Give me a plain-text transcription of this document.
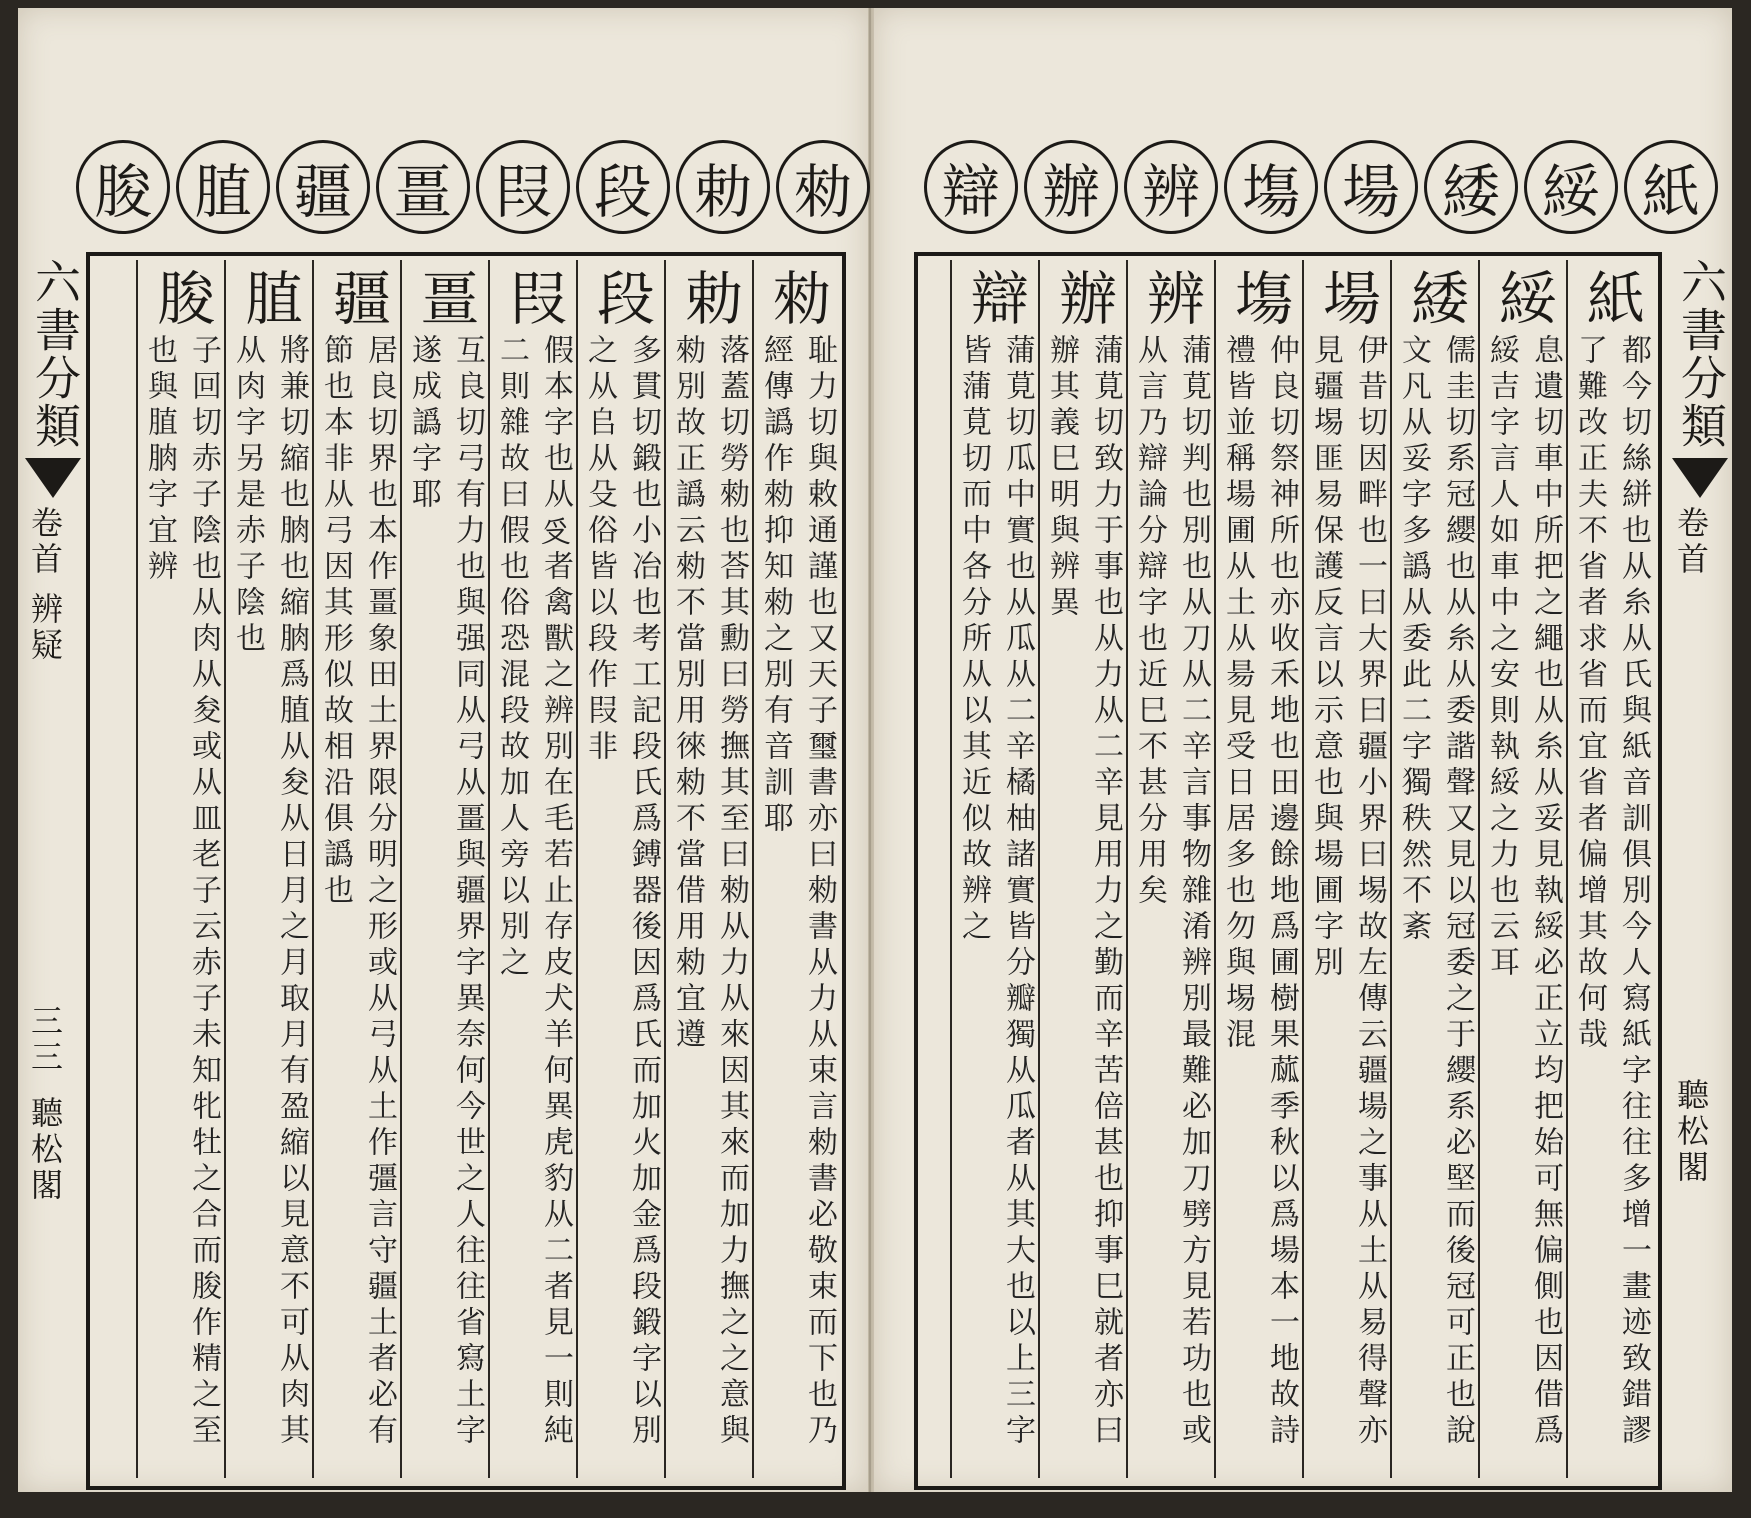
朘 䐈 疆 畺 叚 段 勅 勑
六書分類
卷首
辨疑
三三
聽松閣
勑
耻力切與敕通謹也又天子璽書亦曰勑書从力从束言勑書必敬束而下也乃經傳譌作勑抑知勑之別有音訓耶
勅
落蓋切勞勑也荅其勳曰勞撫其至曰勑从力从來因其來而加力撫之之意與勑別故正譌云勑不當別用徠勑不當借用勑宜遵
段
多貫切鍛也小冶也考工記段氏爲鎛器後因爲氏而加火加金爲段鍛字以別之从𠂤从殳俗皆以段作叚非
叚
假本字也从𠬪者禽獸之辨別在毛若止存皮犬羊何異虎豹从二者見一則純二則雜故曰假也俗恐混段故加人旁以別之
畺
互良切弓有力也與强同从弓从畺與疆界字異奈何今世之人往往省寫土字遂成譌字耶
疆
居良切界也本作畺象田土界限分明之形或从弓从土作彊言守疆土者必有節也本非从弓因其形似故相沿俱譌也
䐈
將兼切縮也朒也縮朒爲䐈从夋从日月之月取月有盈縮以見意不可从肉其从肉字另是赤子陰也
朘
子回切赤子陰也从肉从夋或从皿老子云赤子未知牝牡之合而朘作精之至也與䐈朒字宜辨
辯 辦 辨 塲 場 緌 綏 紙
紙
都今切絲絣也从糸从氏與紙音訓俱別今人寫紙字往往多增一畫迹致錯謬了難改正夫不省者求省而宜省者偏增其故何哉
綏
息遺切車中所把之繩也从糸从妥見執綏必正立均把始可無偏側也因借爲綏吉字言人如車中之安則執綏之力也云耳
緌
儒圭切系冠纓也从糸从委諧聲又見以冠委之于纓系必堅而後冠可正也說文凡从妥字多譌从委此二字獨秩然不紊
場
伊昔切因畔也一曰大界曰疆小界曰埸故左傳云疆場之事从土从易得聲亦見疆埸匪易保護反言以示意也與場圃字別
塲
仲良切祭神所也亦收禾地也田邊餘地爲圃樹果蓏季秋以爲場本一地故詩禮皆並稱場圃从土从昜見受日居多也勿與埸混
辨
蒲莧切判也別也从刀从二辛言事物雜淆辨別最難必加刀劈方見若功也或从言乃辯論分辯字也近巳不甚分用矣
辦
蒲莧切致力于事也从力从二辛見用力之勤而辛苦倍甚也抑事巳就者亦曰辦其義巳明與辨異
辯
蒲莧切瓜中實也从瓜从二辛橘柚諸實皆分瓣獨从瓜者从其大也以上三字皆蒲莧切而中各分所从以其近似故辨之	六書分類
卷首
聽松閣
